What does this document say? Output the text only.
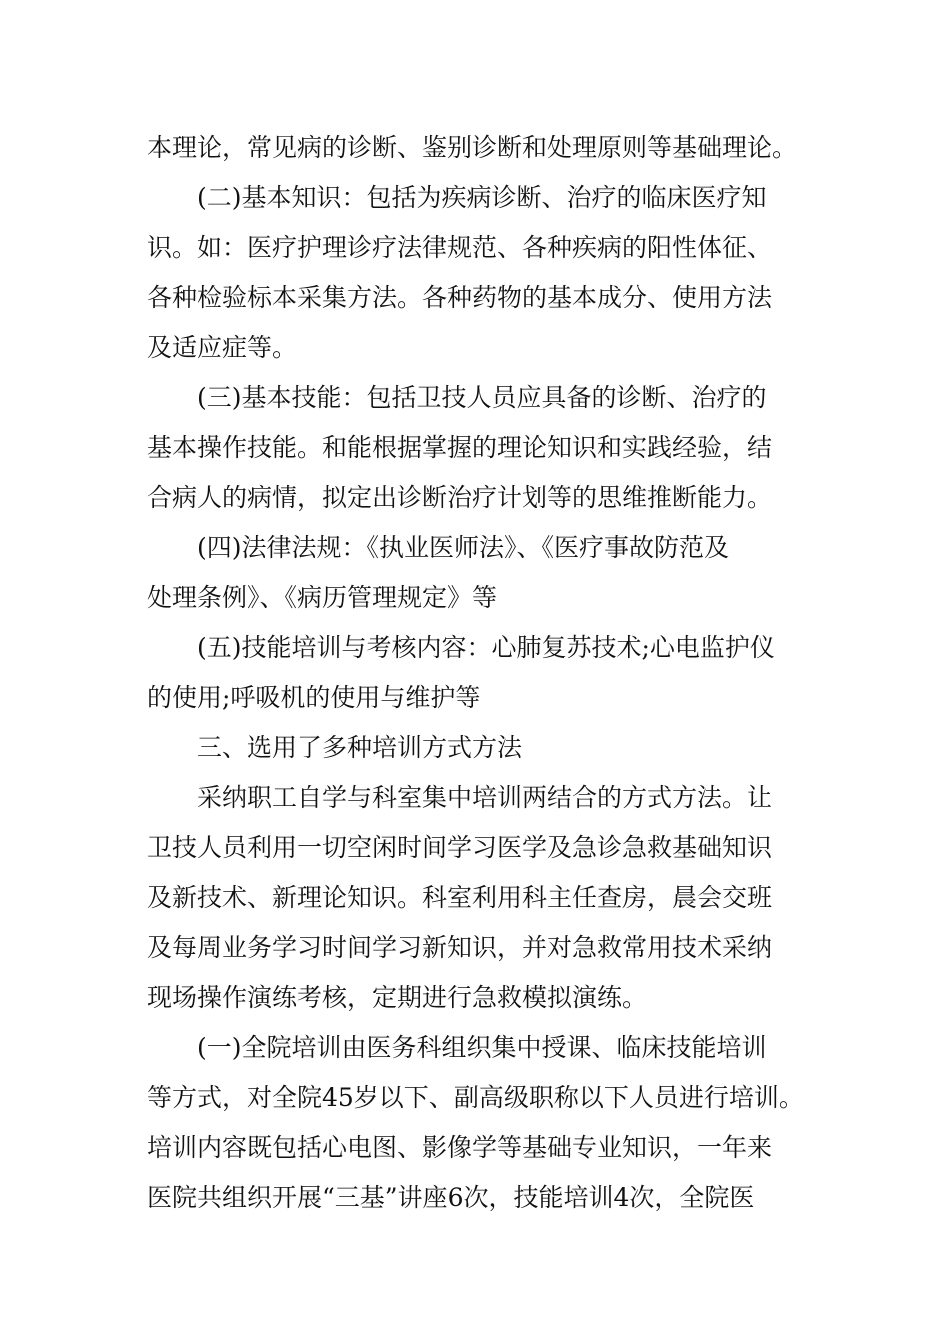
本理论，常见病的诊断、鉴别诊断和处理原则等基础理论。
(二)基本知识：包括为疾病诊断、治疗的临床医疗知
识。如：医疗护理诊疗法律规范、各种疾病的阳性体征、
各种检验标本采集方法。各种药物的基本成分、使用方法
及适应症等。
(三)基本技能：包括卫技人员应具备的诊断、治疗的
基本操作技能。和能根据掌握的理论知识和实践经验，结
合病人的病情，拟定出诊断治疗计划等的思维推断能力。
(四)法律法规：《执业医师法》、《医疗事故防范及
处理条例》、《病历管理规定》等
(五)技能培训与考核内容：心肺复苏技术;心电监护仪
的使用;呼吸机的使用与维护等
三、选用了多种培训方式方法
采纳职工自学与科室集中培训两结合的方式方法。让
卫技人员利用一切空闲时间学习医学及急诊急救基础知识
及新技术、新理论知识。科室利用科主任查房，晨会交班
及每周业务学习时间学习新知识，并对急救常用技术采纳
现场操作演练考核，定期进行急救模拟演练。
(一)全院培训由医务科组织集中授课、临床技能培训
等方式，对全院45岁以下、副高级职称以下人员进行培训。
培训内容既包括心电图、影像学等基础专业知识，一年来
医院共组织开展“三基”讲座6次，技能培训4次，全院医
